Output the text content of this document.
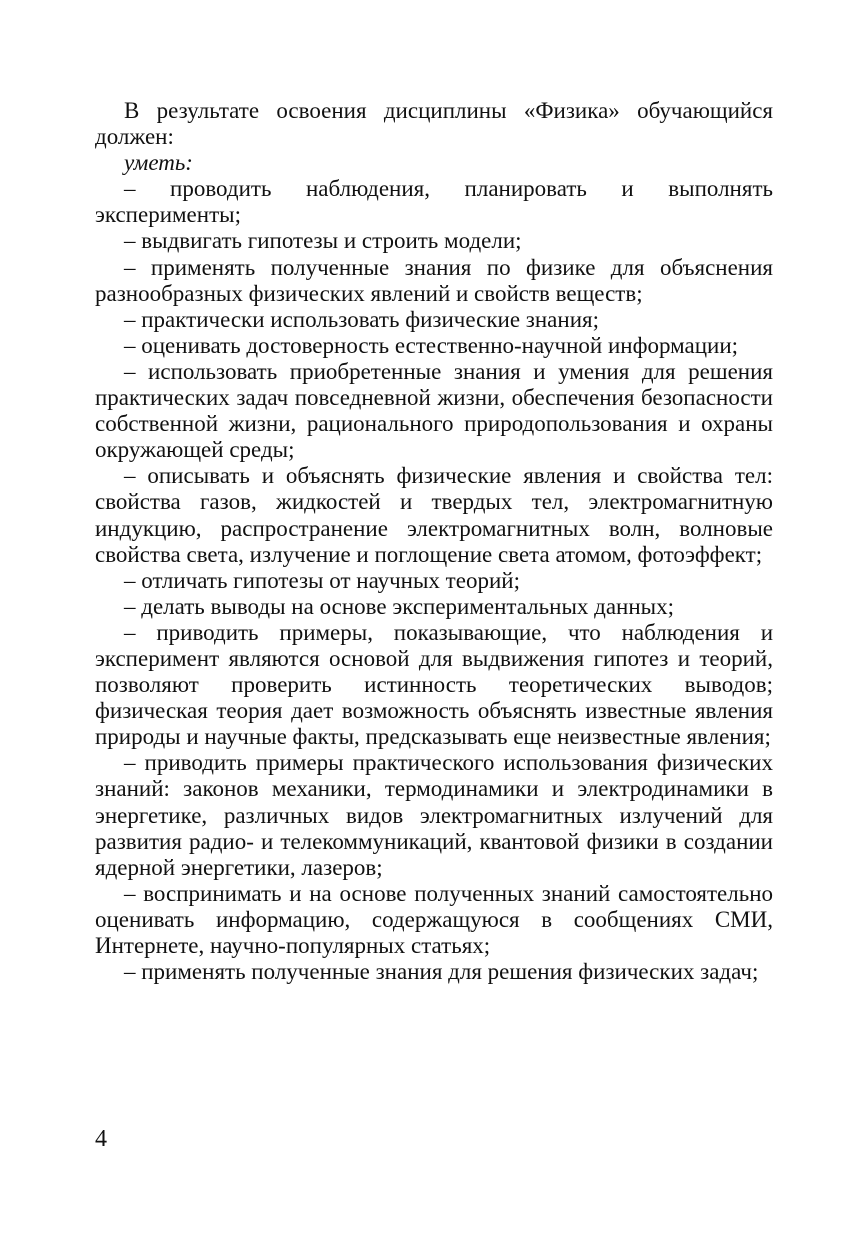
В результате освоения дисциплины «Физика» обучающийся должен:

уметь:

– проводить наблюдения, планировать и выполнять эксперименты;

– выдвигать гипотезы и строить модели;

– применять полученные знания по физике для объяснения разнообразных физических явлений и свойств веществ;

– практически использовать физические знания;

– оценивать достоверность естественно-научной информации;

– использовать приобретенные знания и умения для решения практических задач повседневной жизни, обеспечения безопасности собственной жизни, рационального природопользования и охраны окружающей среды;

– описывать и объяснять физические явления и свойства тел: свойства газов, жидкостей и твердых тел, электромагнитную индукцию, распространение электромагнитных волн, волновые свойства света, излучение и поглощение света атомом, фотоэффект;

– отличать гипотезы от научных теорий;

– делать выводы на основе экспериментальных данных;

– приводить примеры, показывающие, что наблюдения и эксперимент являются основой для выдвижения гипотез и теорий, позволяют проверить истинность теоретических выводов; физическая теория дает возможность объяснять известные явления природы и научные факты, предсказывать еще неизвестные явления;

– приводить примеры практического использования физических знаний: законов механики, термодинамики и электродинамики в энергетике, различных видов электромагнитных излучений для развития радио- и телекоммуникаций, квантовой физики в создании ядерной энергетики, лазеров;

– воспринимать и на основе полученных знаний самостоятельно оценивать информацию, содержащуюся в сообщениях СМИ, Интернете, научно-популярных статьях;

– применять полученные знания для решения физических задач;

4
